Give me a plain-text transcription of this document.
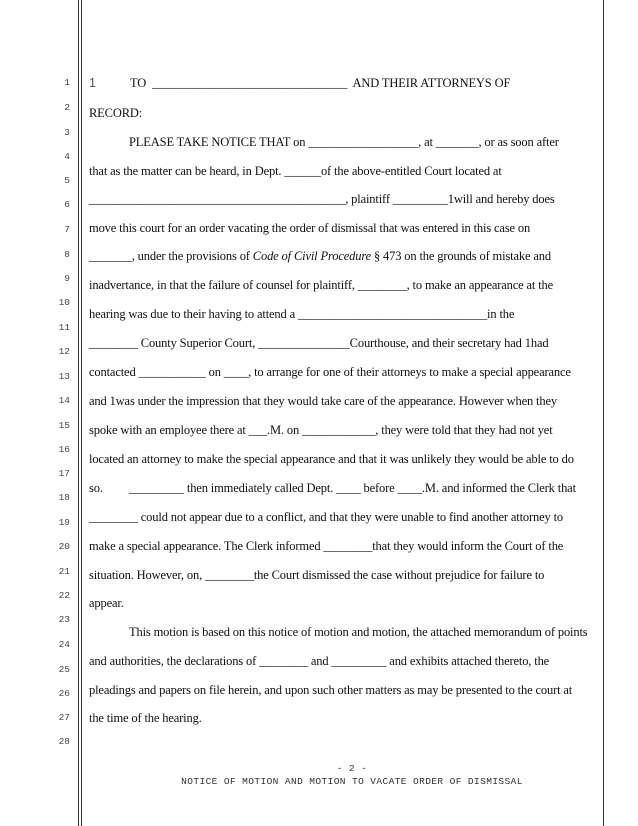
1
2
3
4
5
6
7
8
9
10
11
12
13
14
15
16
17
18
19
20
21
22
23
24
25
26
27
28
1	TO  ________________________________  AND THEIR ATTORNEYS OF
RECORD:
PLEASE TAKE NOTICE THAT on __________________, at _______, or as soon after
that as the matter can be heard, in Dept. ______of the above-entitled Court located at
__________________________________________, plaintiff _________1will and hereby does
move this court for an order vacating the order of dismissal that was entered in this case on
_______, under the provisions of Code of Civil Procedure § 473 on the grounds of mistake and
inadvertance, in that the failure of counsel for plaintiff, ________, to make an appearance at the
hearing was due to their having to attend a _______________________________in the
________ County Superior Court, _______________Courthouse, and their secretary had 1had
contacted ___________ on ____, to arrange for one of their attorneys to make a special appearance
and 1was under the impression that they would take care of the appearance. However when they
spoke with an employee there at ___.M. on ____________, they were told that they had not yet
located an attorney to make the special appearance and that it was unlikely they would be able to do
so. _________ then immediately called Dept. ____ before ____.M. and informed the Clerk that
________ could not appear due to a conflict, and that they were unable to find another attorney to
make a special appearance. The Clerk informed ________that they would inform the Court of the
situation. However, on, ________the Court dismissed the case without prejudice for failure to
appear.
This motion is based on this notice of motion and motion, the attached memorandum of points
and authorities, the declarations of ________ and _________ and exhibits attached thereto, the
pleadings and papers on file herein, and upon such other matters as may be presented to the court at
the time of the hearing.
- 2 -
NOTICE OF MOTION AND MOTION TO VACATE ORDER OF DISMISSAL
